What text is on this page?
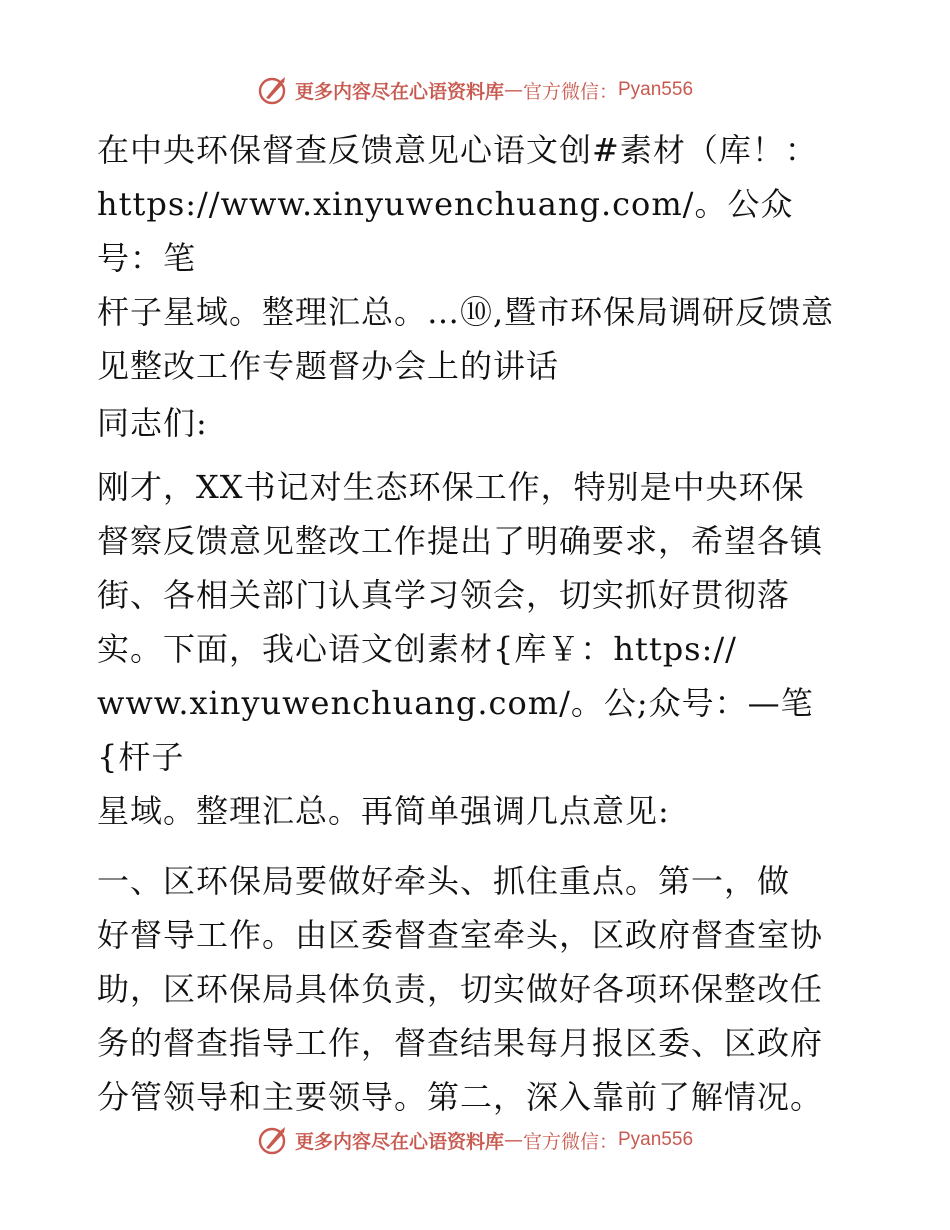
更多内容尽在心语资料库 — 官方微信： Pyan556
在中央环保督查反馈意见心语文创#素材（库！：
https://www.xinyuwenchuang.com/。公众号：笔
杆子星域。整理汇总。…⑩,暨市环保局调研反馈意
见整改工作专题督办会上的讲话
同志们:
刚才，XX书记对生态环保工作，特别是中央环保
督察反馈意见整改工作提出了明确要求，希望各镇
街、各相关部门认真学习领会，切实抓好贯彻落
实。下面，我心语文创素材{库￥：https://
www.xinyuwenchuang.com/。公;众号：—笔{杆子
星域。整理汇总。再简单强调几点意见:
一、区环保局要做好牵头、抓住重点。第一，做
好督导工作。由区委督查室牵头，区政府督查室协
助，区环保局具体负责，切实做好各项环保整改任
务的督查指导工作，督查结果每月报区委、区政府
分管领导和主要领导。第二，深入靠前了解情况。
更多内容尽在心语资料库 — 官方微信： Pyan556
